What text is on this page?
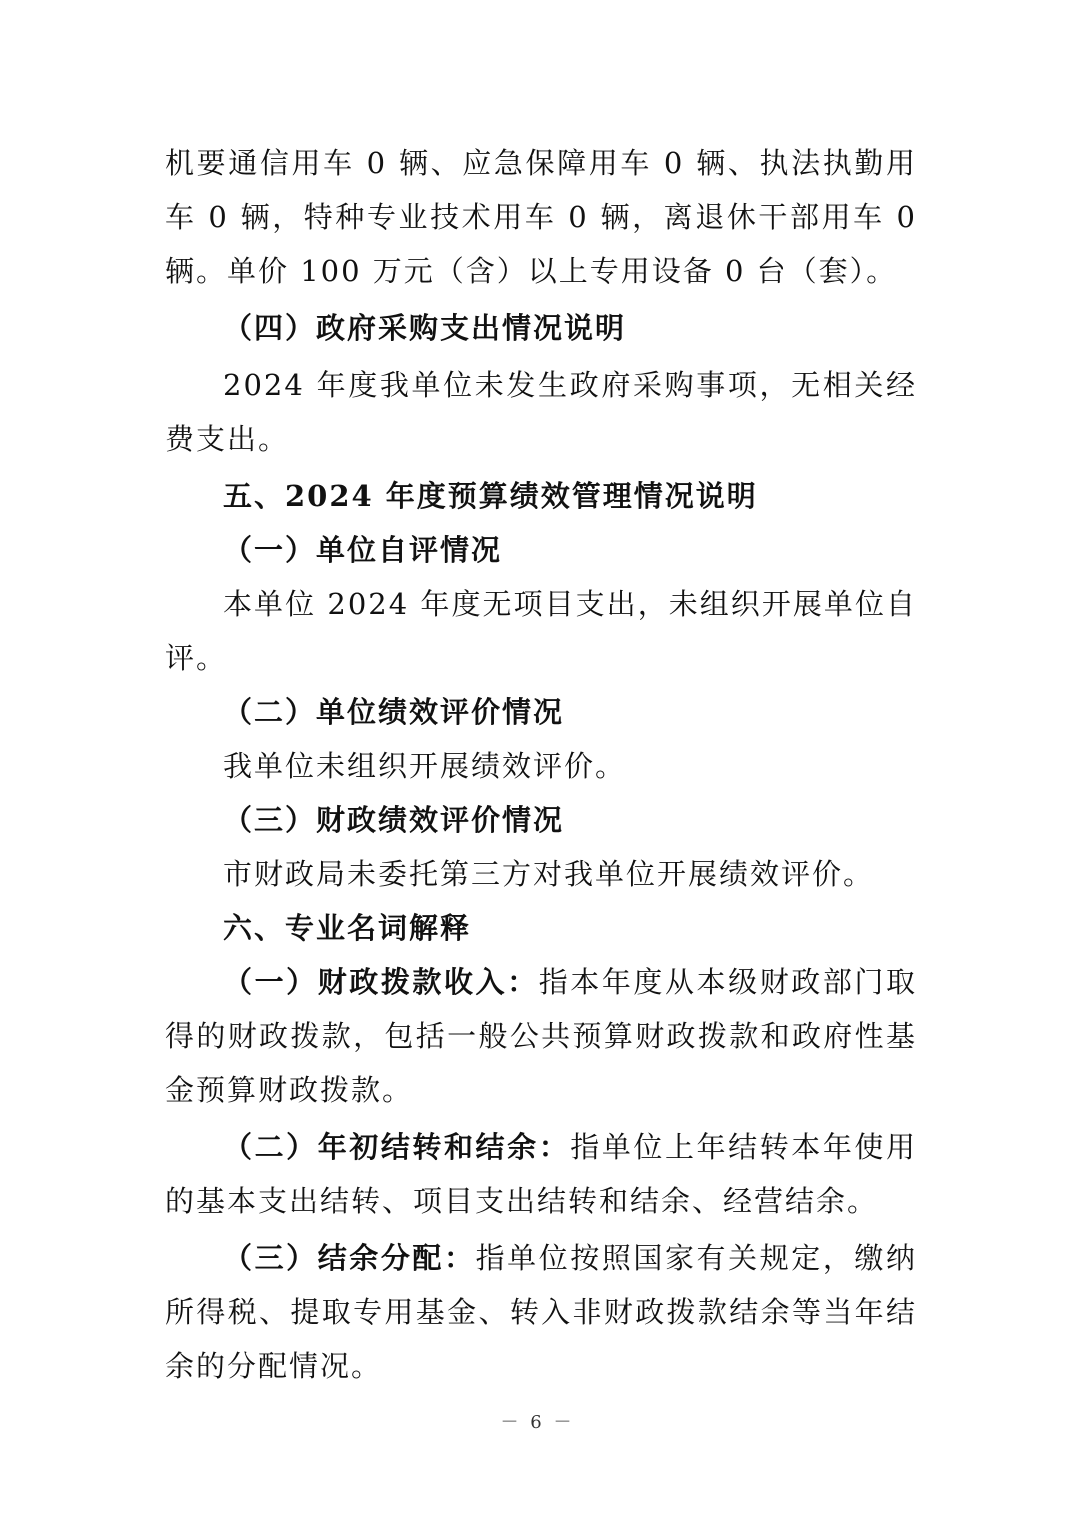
机要通信用车 0 辆、应急保障用车 0 辆、执法执勤用车 0 辆，特种专业技术用车 0 辆，离退休干部用车 0 辆。单价 100 万元（含）以上专用设备 0 台（套）。

（四）政府采购支出情况说明

2024 年度我单位未发生政府采购事项，无相关经费支出。

五、2024 年度预算绩效管理情况说明

（一）单位自评情况

本单位 2024 年度无项目支出，未组织开展单位自评。

（二）单位绩效评价情况

我单位未组织开展绩效评价。

（三）财政绩效评价情况

市财政局未委托第三方对我单位开展绩效评价。

六、专业名词解释

（一）财政拨款收入：指本年度从本级财政部门取得的财政拨款，包括一般公共预算财政拨款和政府性基金预算财政拨款。

（二）年初结转和结余：指单位上年结转本年使用的基本支出结转、项目支出结转和结余、经营结余。

（三）结余分配：指单位按照国家有关规定，缴纳所得税、提取专用基金、转入非财政拨款结余等当年结余的分配情况。

－ 6 －
